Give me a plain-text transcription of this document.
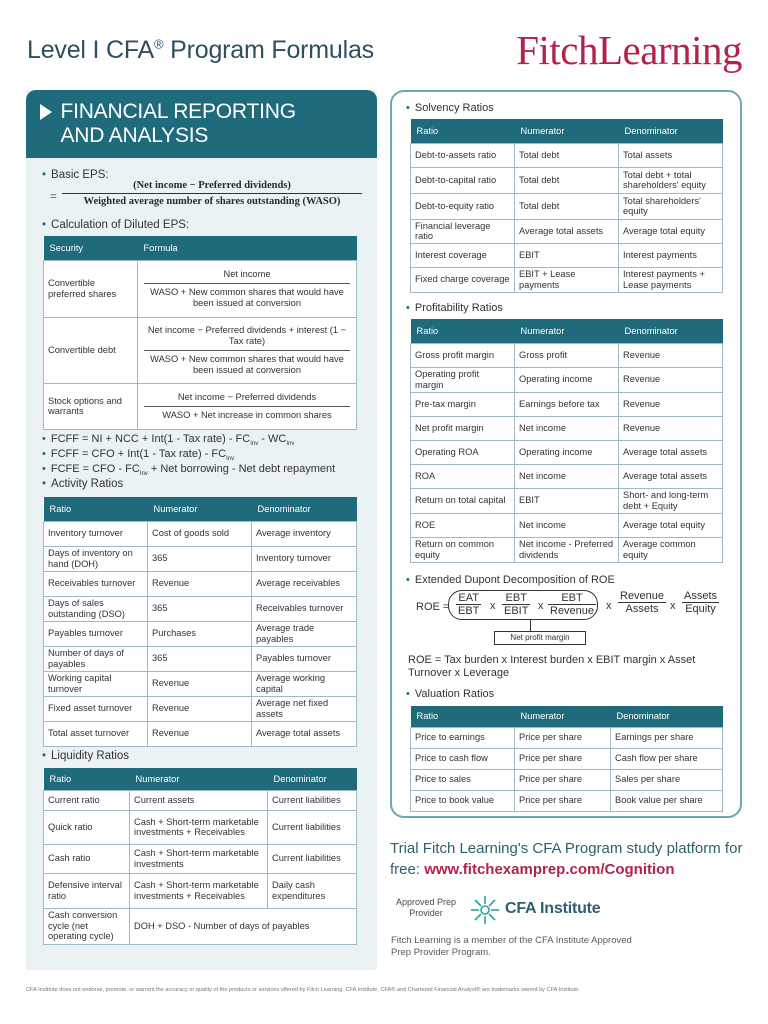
Level I CFA® Program Formulas	FitchLearning
FINANCIAL REPORTING
AND ANALYSIS
• Basic EPS:
=
(Net income − Preferred dividends)
Weighted average number of shares outstanding (WASO)
• Calculation of Diluted EPS:
Security	Formula
Convertible preferred shares	Net income
WASO + New common shares that would have been issued at conversion

Convertible debt	Net income − Preferred dividends + interest (1 − Tax rate)
WASO + New common shares that would have been issued at conversion

Stock options and warrants	Net income − Preferred dividends
WASO + Net increase in common shares
• FCFF = NI + NCC + Int(1 - Tax rate) - $FC_{Inv} - WC_{Inv}$
• FCFF = CFO + Int(1 - Tax rate) - $FC_{Inv}$
• FCFE = CFO - $FC_{Inv}$ + Net borrowing - Net debt repayment
• Activity Ratios
Ratio	Numerator	Denominator
Inventory turnover	Cost of goods sold	Average inventory
Days of inventory on hand (DOH)	365	Inventory turnover
Receivables turnover	Revenue	Average receivables
Days of sales outstanding (DSO)	365	Receivables turnover
Payables turnover	Purchases	Average trade payables
Number of days of payables	365	Payables turnover
Working capital turnover	Revenue	Average working capital
Fixed asset turnover	Revenue	Average net fixed assets
Total asset turnover	Revenue	Average total assets
• Liquidity Ratios
Ratio	Numerator	Denominator
Current ratio	Current assets	Current liabilities
Quick ratio	Cash + Short-term marketable investments + Receivables	Current liabilities
Cash ratio	Cash + Short-term marketable investments	Current liabilities
Defensive interval ratio	Cash + Short-term marketable investments + Receivables	Daily cash expenditures
Cash conversion cycle (net operating cycle)	DOH + DSO - Number of days of payables	
• Solvency Ratios
Ratio	Numerator	Denominator
Debt-to-assets ratio	Total debt	Total assets
Debt-to-capital ratio	Total debt	Total debt + total shareholders' equity
Debt-to-equity ratio	Total debt	Total shareholders' equity
Financial leverage ratio	Average total assets	Average total equity
Interest coverage	EBIT	Interest payments
Fixed charge coverage	EBIT + Lease payments	Interest payments + Lease payments
• Profitability Ratios
Ratio	Numerator	Denominator
Gross profit margin	Gross profit	Revenue
Operating profit margin	Operating income	Revenue
Pre-tax margin	Earnings before tax	Revenue
Net profit margin	Net income	Revenue
Operating ROA	Operating income	Average total assets
ROA	Net income	Average total assets
Return on total capital	EBIT	Short- and long-term debt + Equity
ROE	Net income	Average total equity
Return on common equity	Net income - Preferred dividends	Average common equity
• Extended Dupont Decomposition of ROE
ROE =
EAT
EBT x
EBT
EBIT x
EBT
Revenue x
Revenue
Assets	x
Assets
Equity
Net profit margin
ROE = Tax burden x Interest burden x EBIT margin x Asset Turnover x Leverage
• Valuation Ratios
Ratio	Numerator	Denominator
Price to earnings	Price per share	Earnings per share
Price to cash flow	Price per share	Cash flow per share
Price to sales	Price per share	Sales per share
Price to book value	Price per share	Book value per share
Trial Fitch Learning's CFA Program study platform for free: www.fitchexamprep.com/Cognition
Approved Prep Provider	CFA Institute
Fitch Learning is a member of the CFA Institute Approved Prep Provider Program.
CFA Institute does not endorse, promote, or warrant the accuracy or quality of the products or services offered by Fitch Learning. CFA Institute, CFA® and Chartered Financial Analyst® are trademarks owned by CFA Institute.
